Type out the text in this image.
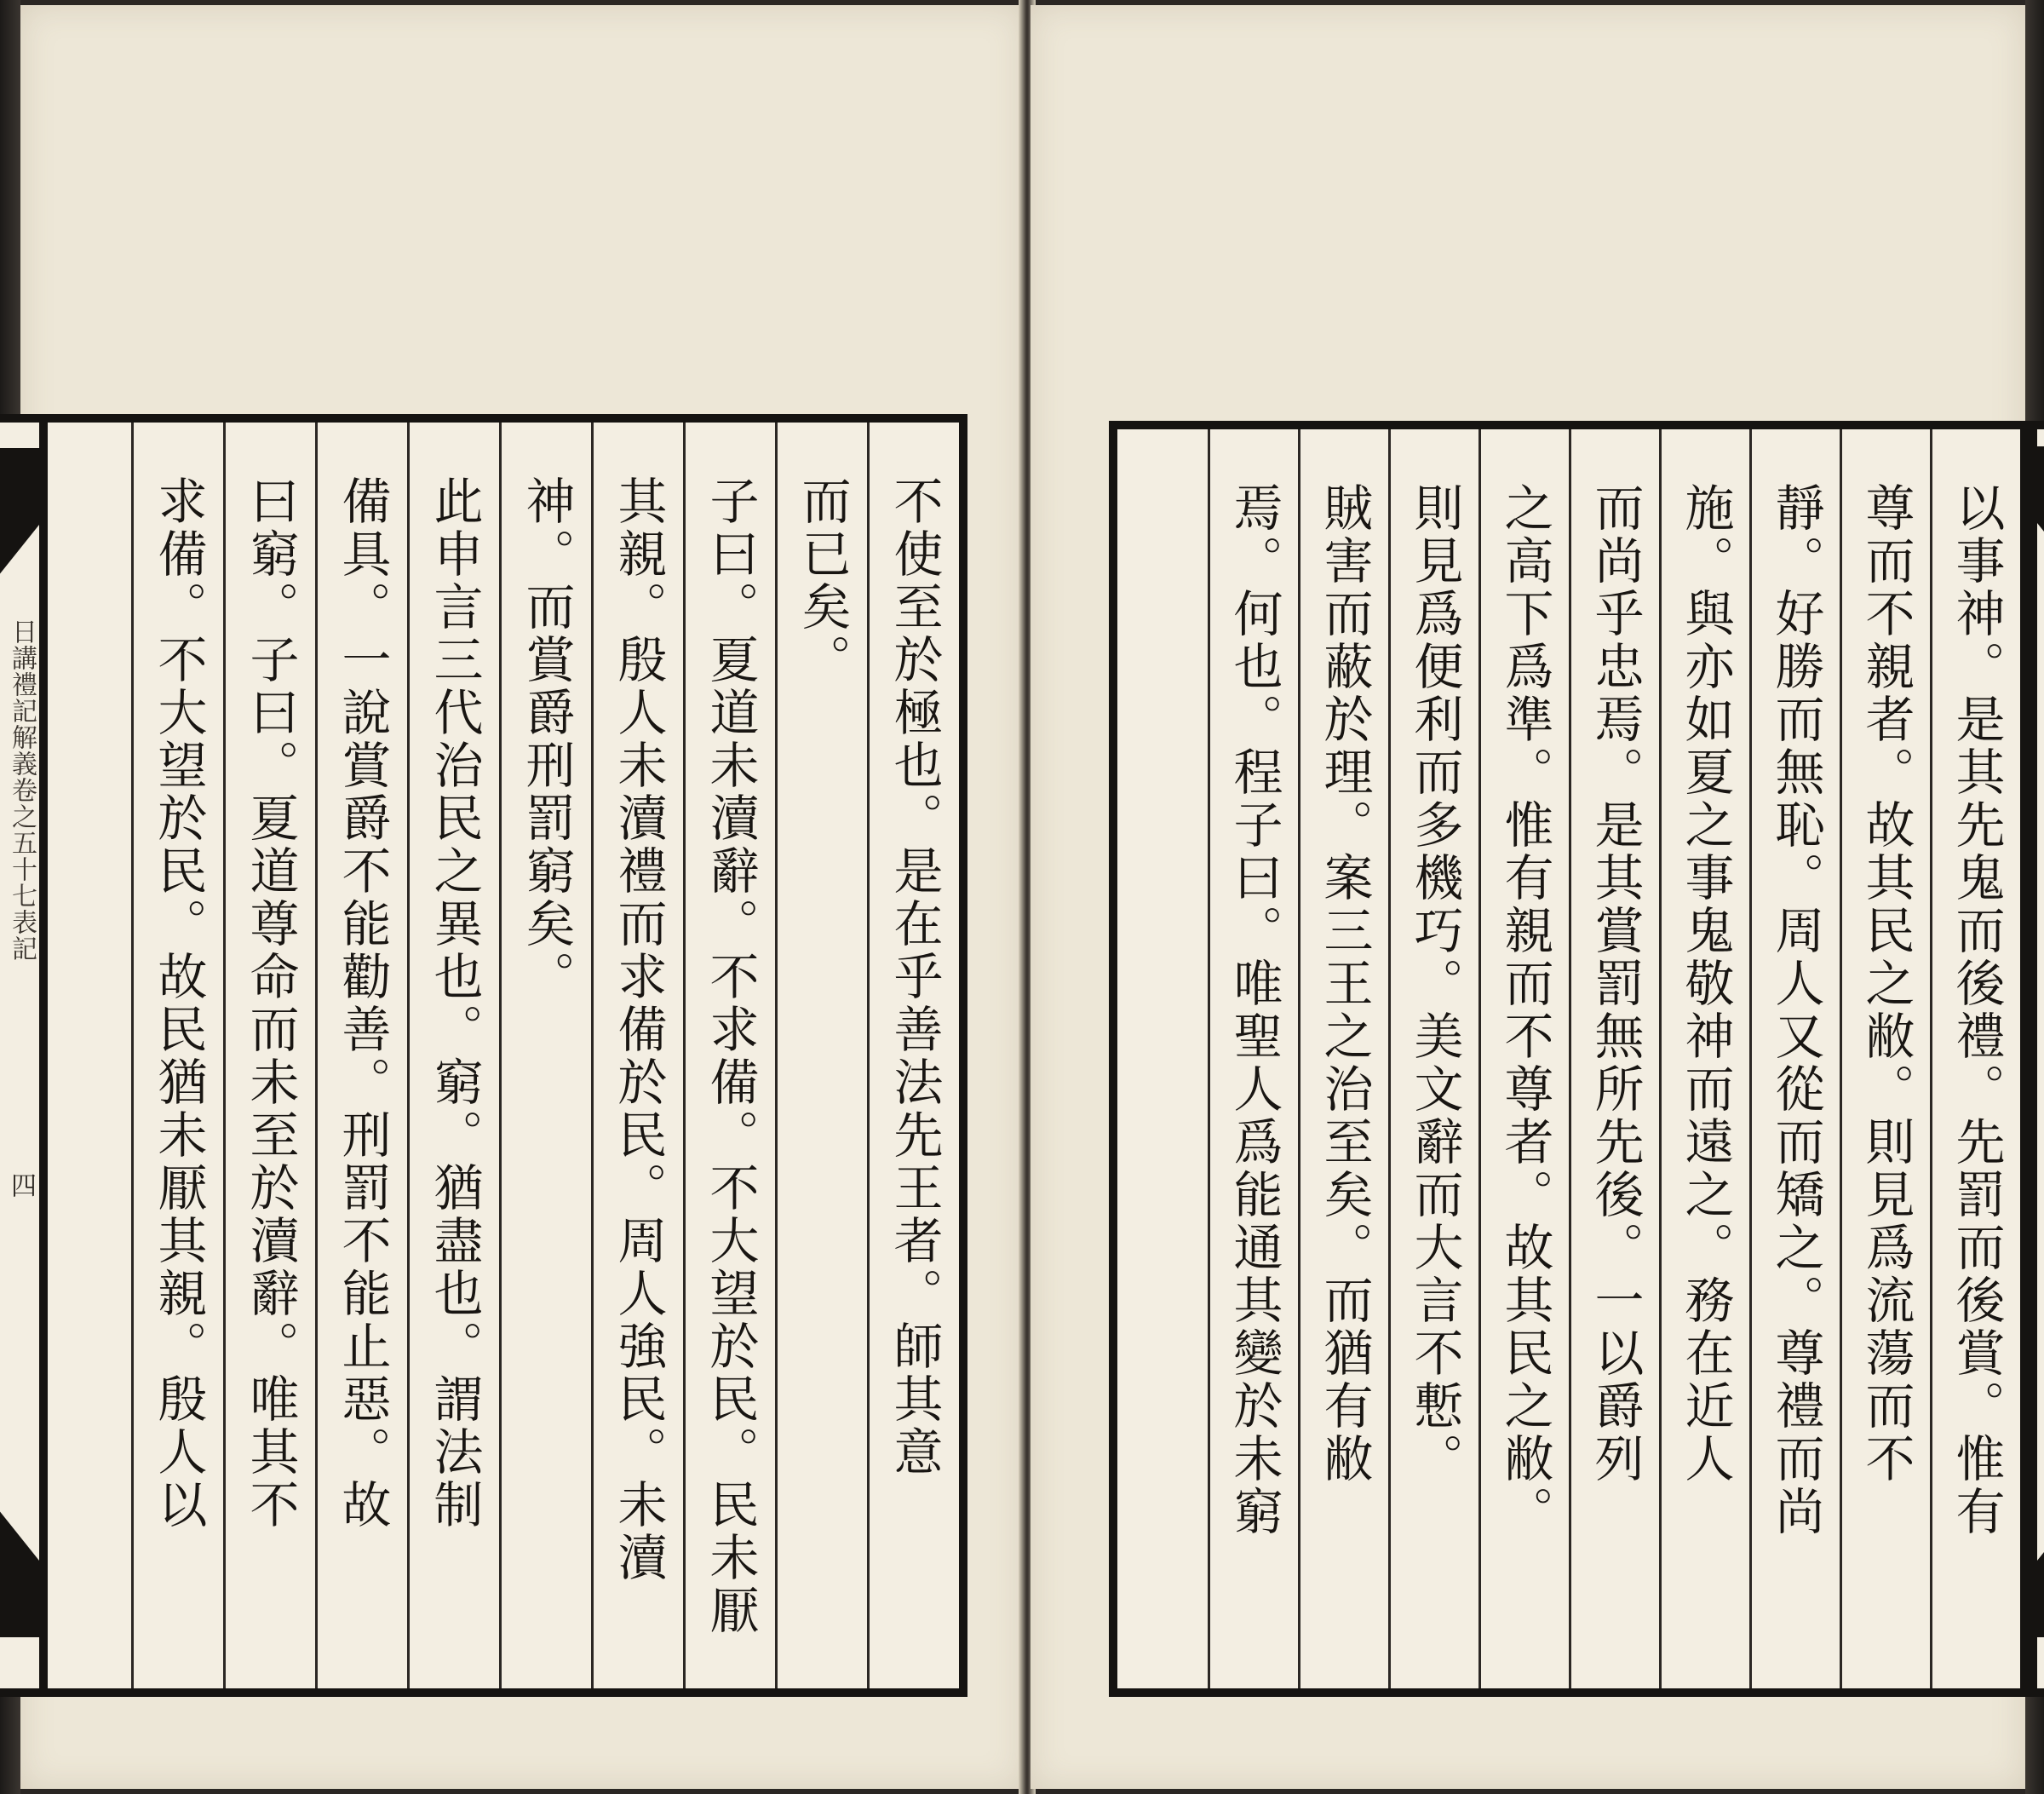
日講禮記解義卷之五十七表記
四	不使至於極也。是在乎善法先王者。師其意
而已矣。
子曰。夏道未瀆辭。不求備。不大望於民。民未厭
其親。殷人未瀆禮而求備於民。周人強民。未瀆
神。而賞爵刑罰窮矣。
此申言三代治民之異也。窮。猶盡也。謂法制
備具。一說賞爵不能勸善。刑罰不能止惡。故
曰窮。子曰。夏道尊命而未至於瀆辭。唯其不
求備。不大望於民。故民猶未厭其親。殷人以	以事神。是其先鬼而後禮。先罰而後賞。惟有
尊而不親者。故其民之敝。則見爲流蕩而不
靜。好勝而無恥。周人又從而矯之。尊禮而尚
施。與亦如夏之事鬼敬神而遠之。務在近人
而尚乎忠焉。是其賞罰無所先後。一以爵列
之高下爲準。惟有親而不尊者。故其民之敝。
則見爲便利而多機巧。美文辭而大言不慙。
賊害而蔽於理。案三王之治至矣。而猶有敝
焉。何也。程子曰。唯聖人爲能通其變於未窮
